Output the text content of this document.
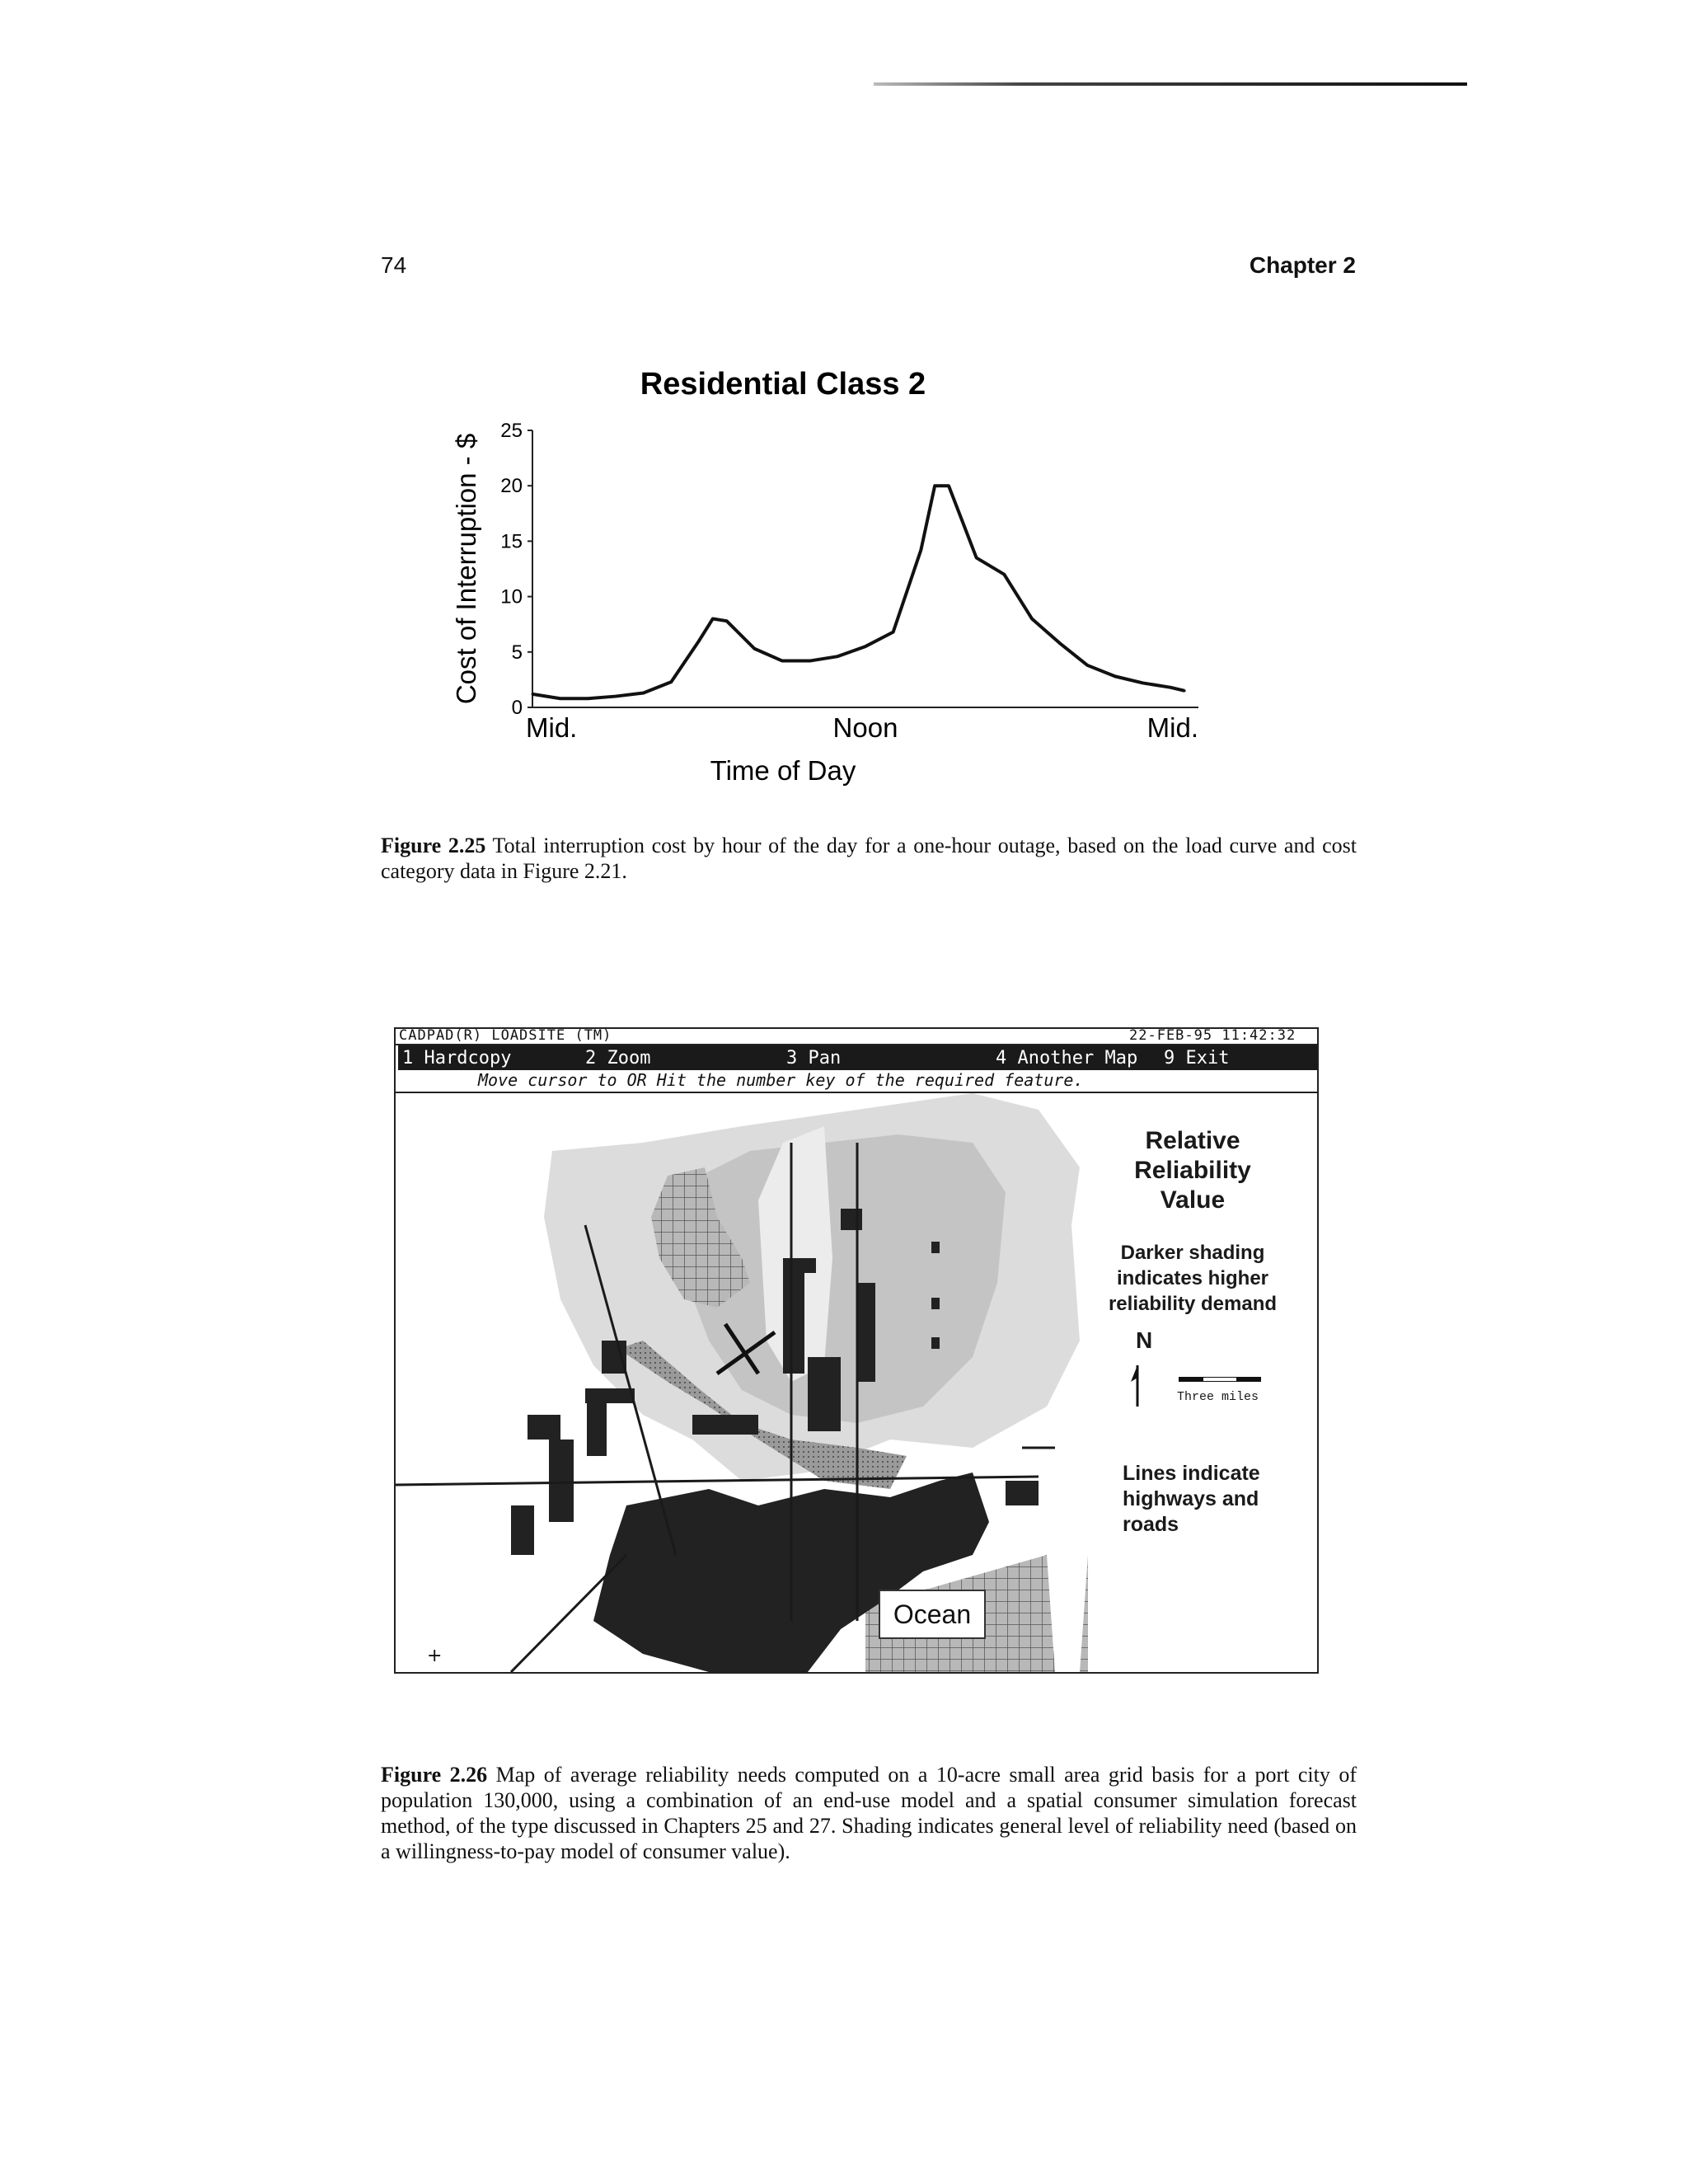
74	Chapter 2
Residential Class 2
Cost of Interruption - $
Time of Day
0
5
10
15
20
25
Mid.	Noon	Mid.
Figure 2.25 Total interruption cost by hour of the day for a one-hour outage, based on the load curve and cost category data in Figure 2.21.
CADPAD(R) LOADSITE (TM)	22-FEB-95 11:42:32
1 Hardcopy	2 Zoom	3 Pan	4 Another Map 9 Exit
Move cursor to OR Hit the number key of the required feature.
Relative Reliability Value
Darker shading indicates higher reliability demand
N
Three miles
Lines indicate highways and roads
Ocean
+
Figure 2.26 Map of average reliability needs computed on a 10-acre small area grid basis for a port city of population 130,000, using a combination of an end-use model and a spatial consumer simulation forecast method, of the type discussed in Chapters 25 and 27. Shading indicates general level of reliability need (based on a willingness-to-pay model of consumer value).
